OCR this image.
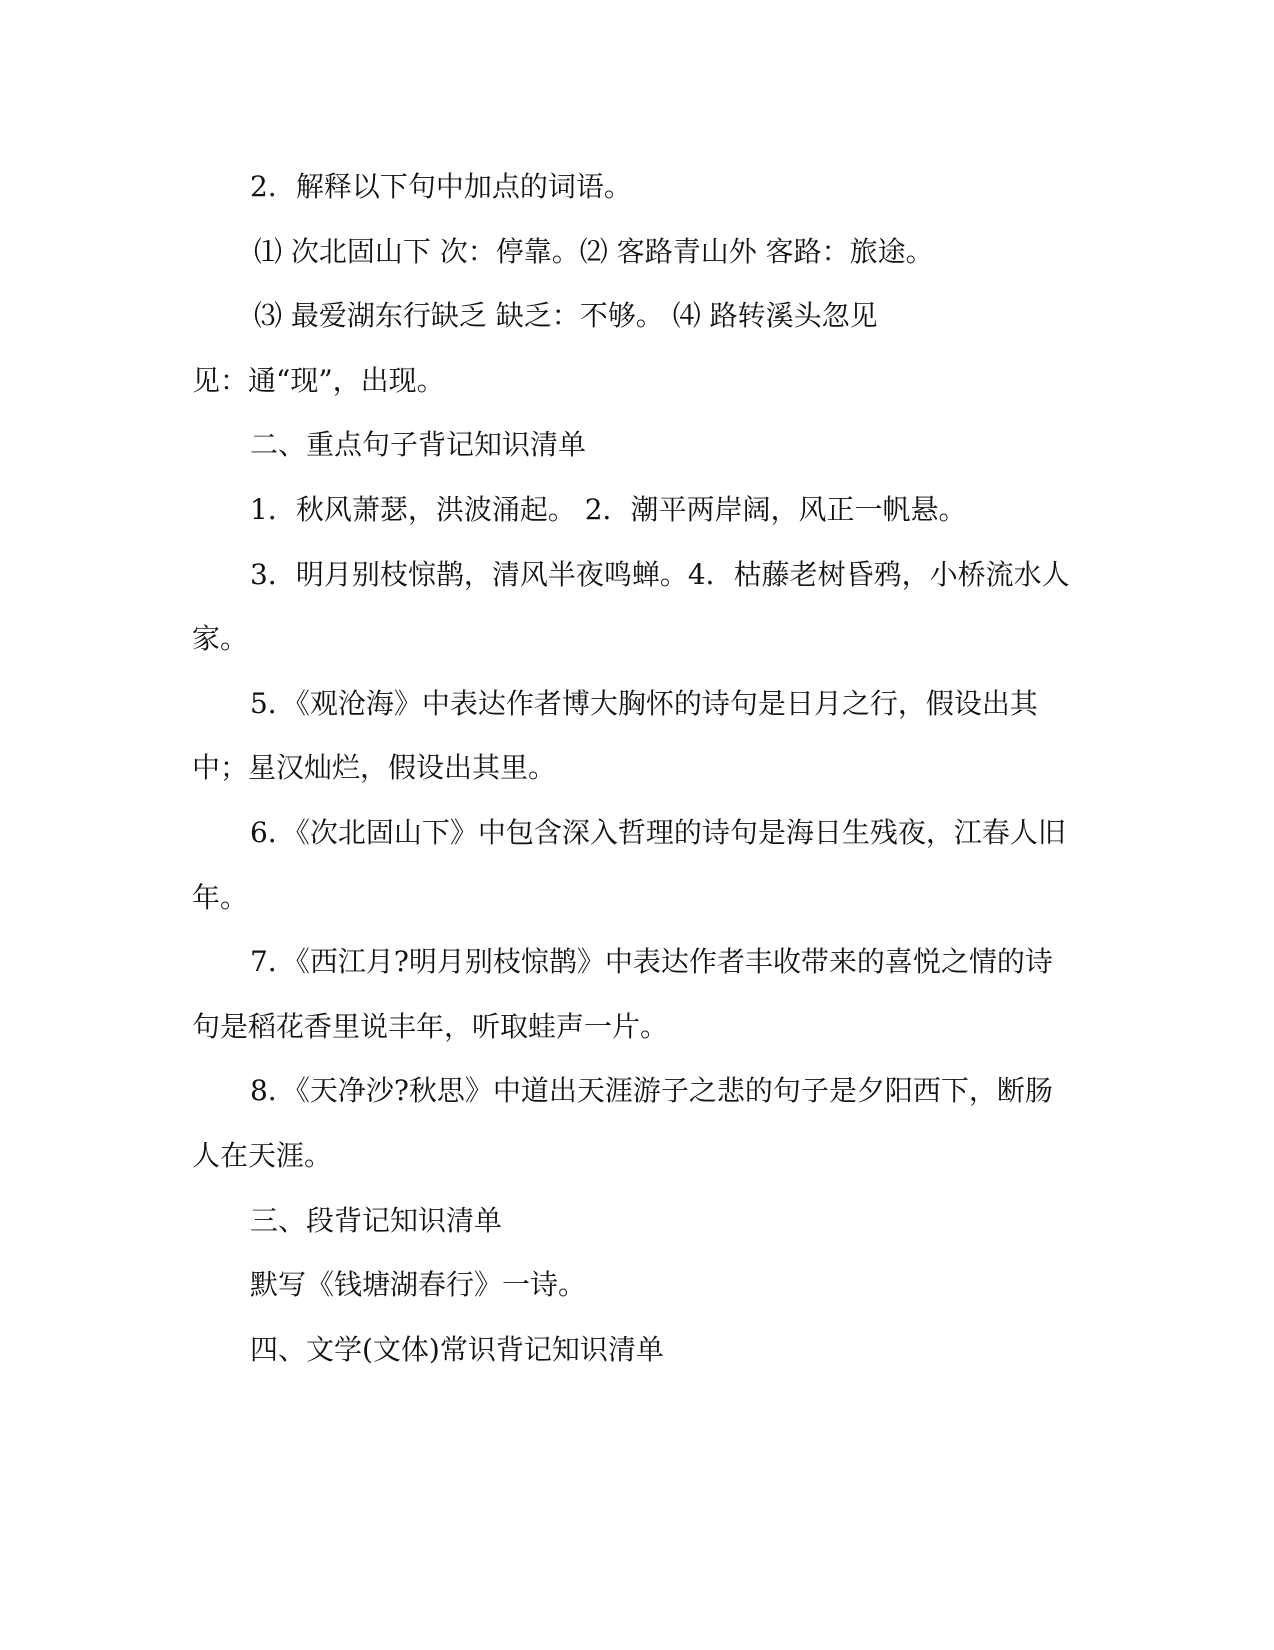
2．解释以下句中加点的词语。

⑴ 次北固山下 次：停靠。⑵ 客路青山外 客路：旅途。

⑶ 最爱湖东行缺乏 缺乏：不够。 ⑷ 路转溪头忽见

见：通“现”，出现。

二、重点句子背记知识清单

1．秋风萧瑟，洪波涌起。 2．潮平两岸阔，风正一帆悬。

3．明月别枝惊鹊，清风半夜鸣蝉。4．枯藤老树昏鸦，小桥流水人家。

5．《观沧海》中表达作者博大胸怀的诗句是日月之行，假设出其中；星汉灿烂，假设出其里。

6．《次北固山下》中包含深入哲理的诗句是海日生残夜，江春人旧年。

7．《西江月?明月别枝惊鹊》中表达作者丰收带来的喜悦之情的诗句是稻花香里说丰年，听取蛙声一片。

8．《天净沙?秋思》中道出天涯游子之悲的句子是夕阳西下，断肠人在天涯。

三、段背记知识清单

默写《钱塘湖春行》一诗。

四、文学(文体)常识背记知识清单
